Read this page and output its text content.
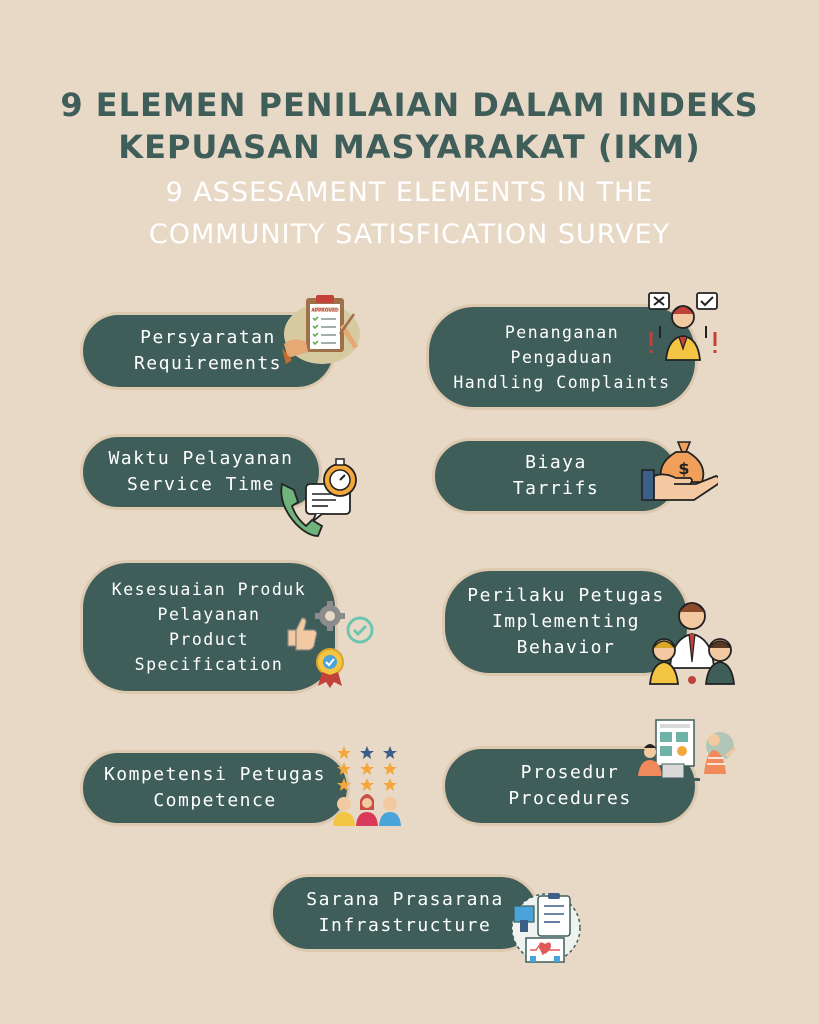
9 ELEMEN PENILAIAN DALAM INDEKS
KEPUASAN MASYARAKAT (IKM)
9 ASSESAMENT ELEMENTS IN THE
COMMUNITY SATISFICATION SURVEY
Persyaratan
Requirements
APPROVED
Penanganan
Pengaduan
Handling Complaints
Waktu Pelayanan
Service Time
Biaya
Tarrifs
$
Kesesuaian Produk
Pelayanan
Product
Specification
Perilaku Petugas
Implementing
Behavior
Kompetensi Petugas
Competence
Prosedur
Procedures
Sarana Prasarana
Infrastructure
